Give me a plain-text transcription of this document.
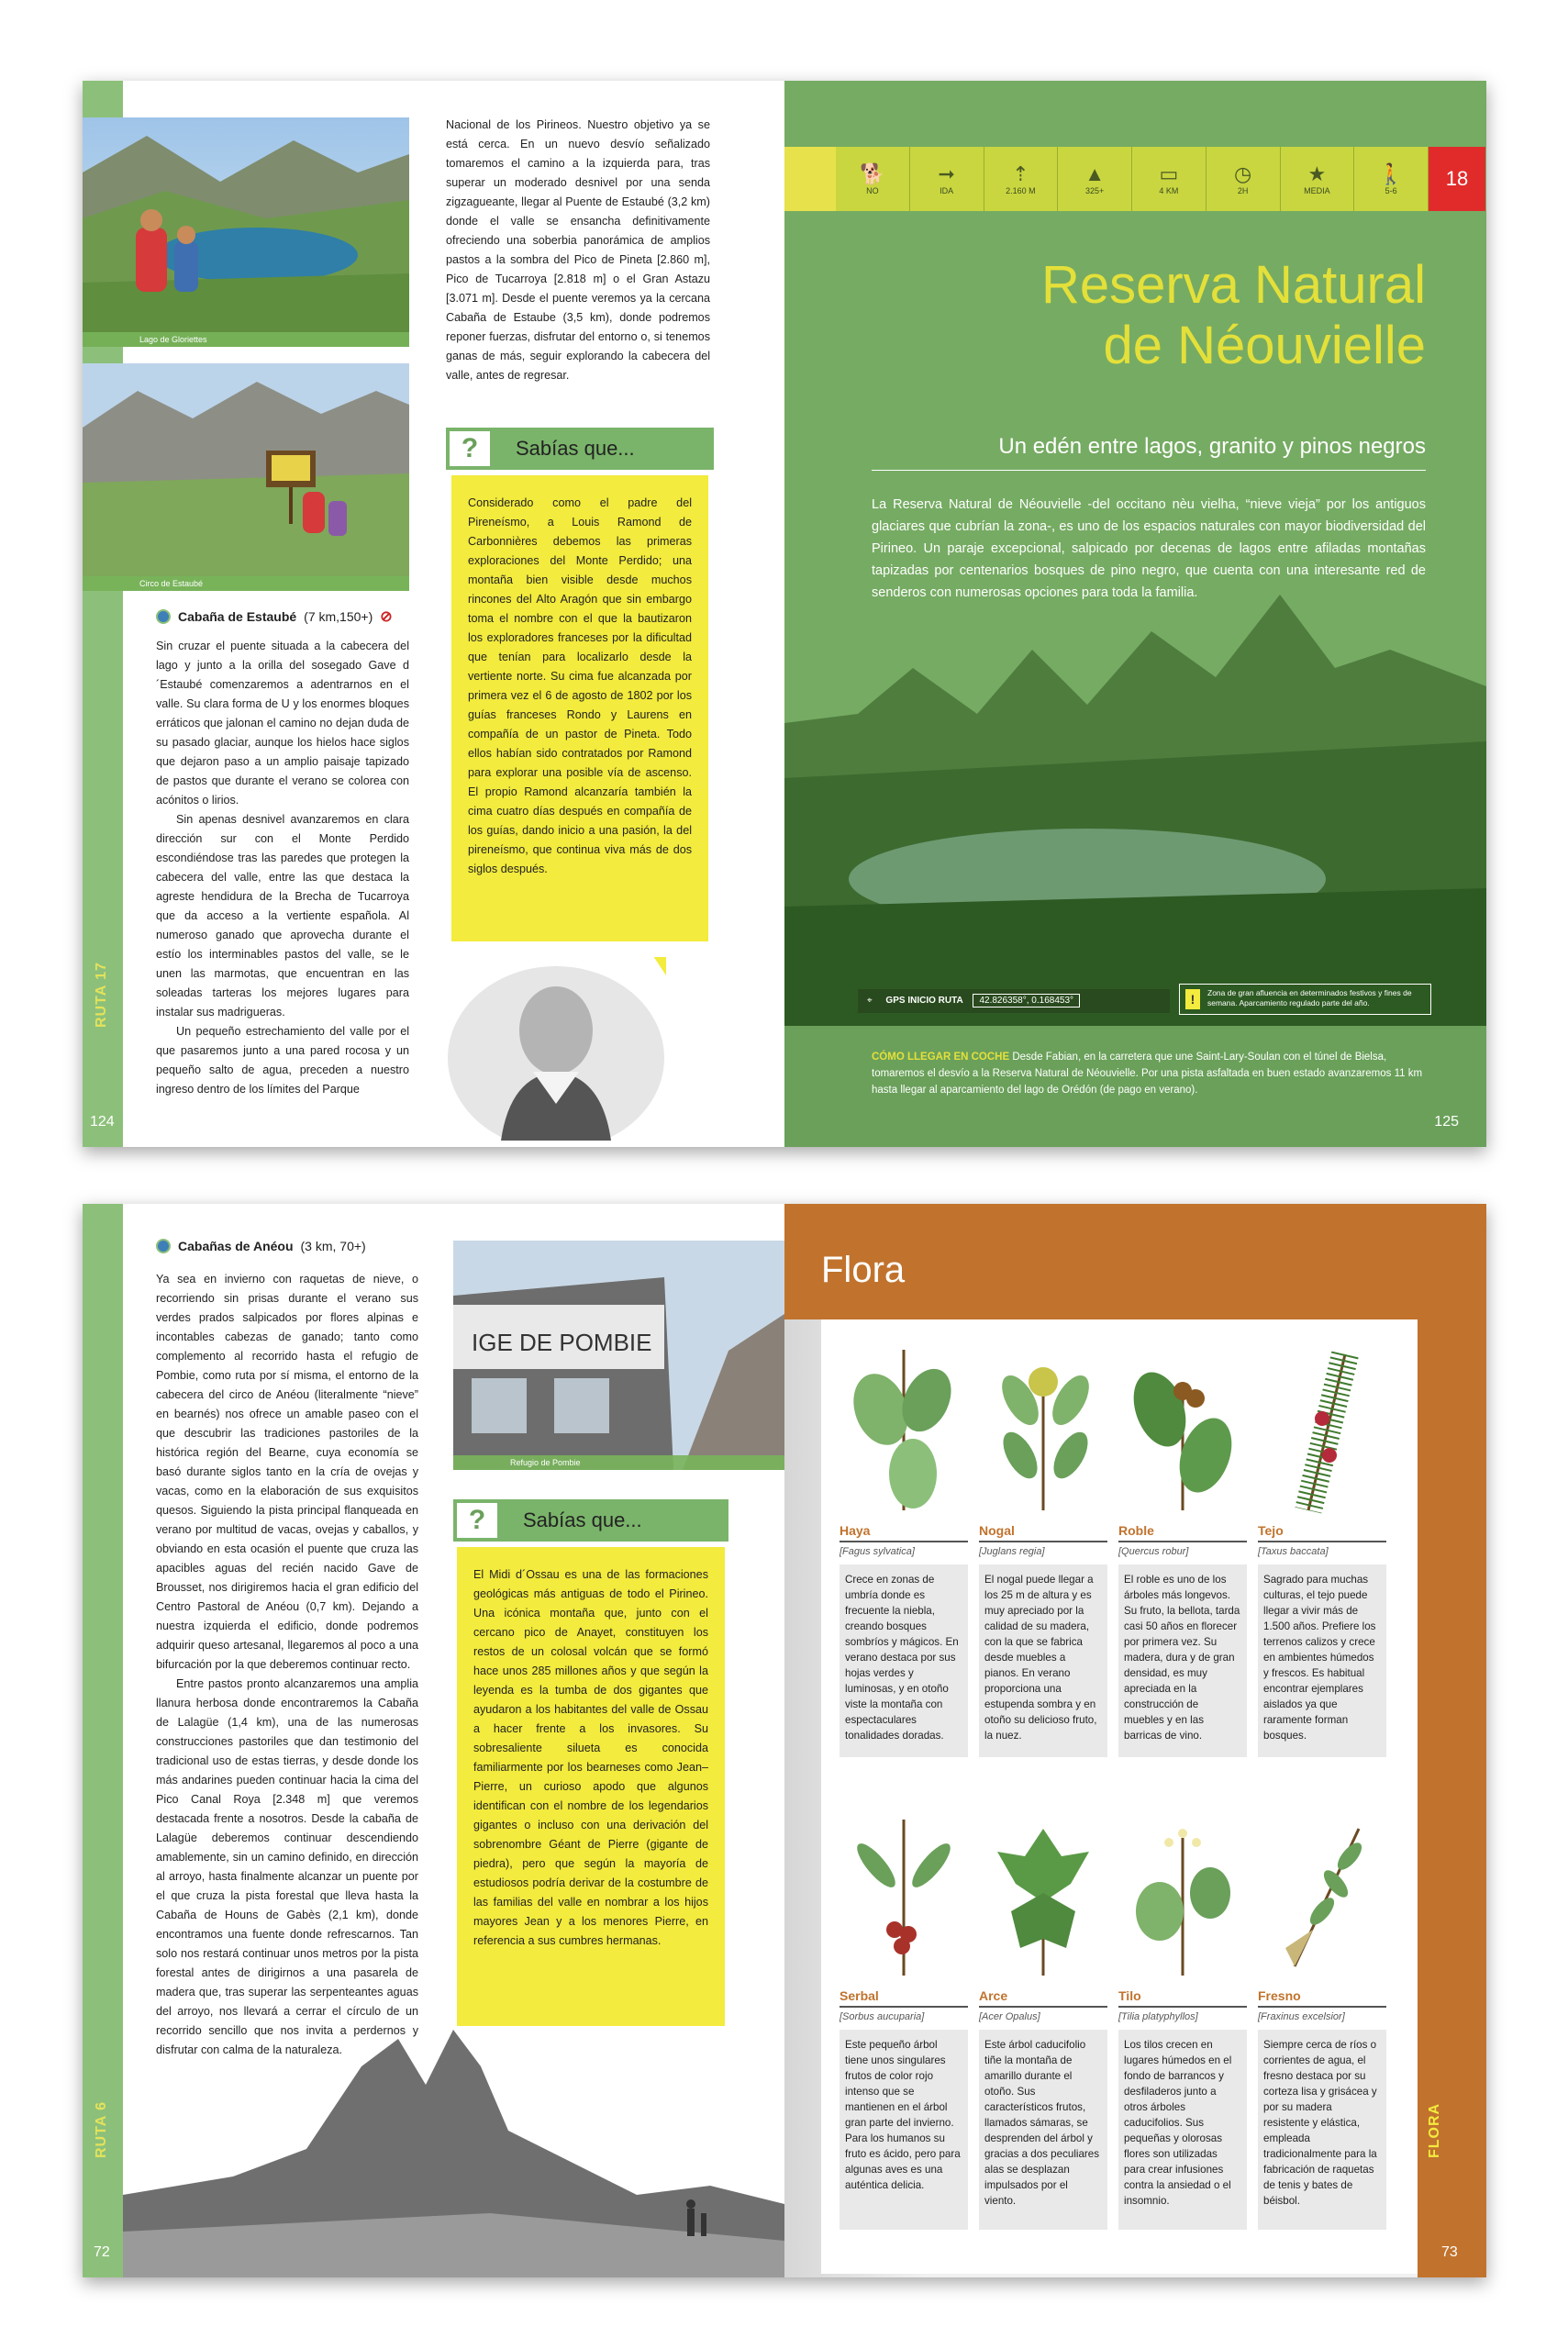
RUTA 17
124
Lago de Gloriettes
Circo de Estaubé
Cabaña de Estaubé (7 km,150+) ⊘

Sin cruzar el puente situada a la cabecera del lago y junto a la orilla del sosegado Gave d´Estaubé comenzaremos a adentrarnos en el valle. Su clara forma de U y los enormes bloques erráticos que jalonan el camino no dejan duda de su pasado glaciar, aunque los hielos hace siglos que dejaron paso a un amplio paisaje tapizado de pastos que durante el verano se colorea con acónitos o lirios.

Sin apenas desnivel avanzaremos en clara dirección sur con el Monte Perdido escondiéndose tras las paredes que protegen la cabecera del valle, entre las que destaca la agreste hendidura de la Brecha de Tucarroya que da acceso a la vertiente española. Al numeroso ganado que aprovecha durante el estío los interminables pastos del valle, se le unen las marmotas, que encuentran en las soleadas tarteras los mejores lugares para instalar sus madrigueras.

Un pequeño estrechamiento del valle por el que pasaremos junto a una pared rocosa y un pequeño salto de agua, preceden a nuestro ingreso dentro de los límites del Parque

Nacional de los Pirineos. Nuestro objetivo ya se está cerca. En un nuevo desvío señalizado tomaremos el camino a la izquierda para, tras superar un moderado desnivel por una senda zigzagueante, llegar al Puente de Estaubé (3,2 km) donde el valle se ensancha definitivamente ofreciendo una soberbia panorámica de amplios pastos a la sombra del Pico de Pineta [2.860 m], Pico de Tucarroya [2.818 m] o el Gran Astazu [3.071 m]. Desde el puente veremos ya la cercana Cabaña de Estaube (3,5 km), donde podremos reponer fuerzas, disfrutar del entorno o, si tenemos ganas de más, seguir explorando la cabecera del valle, antes de regresar.

Sabías que...
?
Considerado como el padre del Pireneísmo, a Louis Ramond de Carbonnières debemos las primeras exploraciones del Monte Perdido; una montaña bien visible desde muchos rincones del Alto Aragón que sin embargo toma el nombre con el que la bautizaron los exploradores franceses por la dificultad que tenían para localizarlo desde la vertiente norte. Su cima fue alcanzada por primera vez el 6 de agosto de 1802 por los guías franceses Rondo y Laurens en compañía de un pastor de Pineta. Todo ellos habían sido contratados por Ramond para explorar una posible vía de ascenso. El propio Ramond alcanzaría también la cima cuatro días después en compañía de los guías, dando inicio a una pasión, la del pireneísmo, que continua viva más de dos siglos después.
🐕
NO
➞
IDA
⇡
2.160 M
▲
325+
▭
4 KM
◷
2H
★
MEDIA
🚶
5-6
18
Reserva Natural
de Néouvielle
Un edén entre lagos, granito y pinos negros
La Reserva Natural de Néouvielle -del occitano nèu vielha, “nieve vieja” por los antiguos glaciares que cubrían la zona-, es uno de los espacios naturales con mayor biodiversidad del Pirineo. Un paraje excepcional, salpicado por decenas de lagos entre afiladas montañas tapizadas por centenarios bosques de pino negro, que cuenta con una interesante red de senderos con numerosas opciones para toda la familia.
⌖ GPS INICIO RUTA 42.826358°, 0.168453°	!	Zona de gran afluencia en determinados festivos y fines de semana. Aparcamiento regulado parte del año.
CÓMO LLEGAR EN COCHE Desde Fabian, en la carretera que une Saint-Lary-Soulan con el túnel de Bielsa, tomaremos el desvío a la Reserva Natural de Néouvielle. Por una pista asfaltada en buen estado avanzaremos 11 km hasta llegar al aparcamiento del lago de Orédón (de pago en verano).
125
RUTA 6
72
Cabañas de Anéou (3 km, 70+)

Ya sea en invierno con raquetas de nieve, o recorriendo sin prisas durante el verano sus verdes prados salpicados por flores alpinas e incontables cabezas de ganado; tanto como complemento al recorrido hasta el refugio de Pombie, como ruta por sí misma, el entorno de la cabecera del circo de Anéou (literalmente “nieve” en bearnés) nos ofrece un amable paseo con el que descubrir las tradiciones pastoriles de la histórica región del Bearne, cuya economía se basó durante siglos tanto en la cría de ovejas y vacas, como en la elaboración de sus exquisitos quesos. Siguiendo la pista principal flanqueada en verano por multitud de vacas, ovejas y caballos, y obviando en esta ocasión el puente que cruza las apacibles aguas del recién nacido Gave de Brousset, nos dirigiremos hacia el gran edificio del Centro Pastoral de Anéou (0,7 km). Dejando a nuestra izquierda el edificio, donde podremos adquirir queso artesanal, llegaremos al poco a una bifurcación por la que deberemos continuar recto.

Entre pastos pronto alcanzaremos una amplia llanura herbosa donde encontraremos la Cabaña de Lalagüe (1,4 km), una de las numerosas construcciones pastoriles que dan testimonio del tradicional uso de estas tierras, y desde donde los más andarines pueden continuar hacia la cima del Pico Canal Roya [2.348 m] que veremos destacada frente a nosotros. Desde la cabaña de Lalagüe deberemos continuar descendiendo amablemente, sin un camino definido, en dirección al arroyo, hasta finalmente alcanzar un puente por el que cruza la pista forestal que lleva hasta la Cabaña de Houns de Gabès (2,1 km), donde encontramos una fuente donde refrescarnos. Tan solo nos restará continuar unos metros por la pista forestal antes de dirigirnos a una pasarela de madera que, tras superar las serpenteantes aguas del arroyo, nos llevará a cerrar el círculo de un recorrido sencillo que nos invita a perdernos y disfrutar con calma de la naturaleza.

IGE DE POMBIE
Refugio de Pombie
Sabías que...
?
El Midi d´Ossau es una de las formaciones geológicas más antiguas de todo el Pirineo. Una icónica montaña que, junto con el cercano pico de Anayet, constituyen los restos de un colosal volcán que se formó hace unos 285 millones años y que según la leyenda es la tumba de dos gigantes que ayudaron a los habitantes del valle de Ossau a hacer frente a los invasores. Su sobresaliente silueta es conocida familiarmente por los bearneses como Jean–Pierre, un curioso apodo que algunos identifican con el nombre de los legendarios gigantes o incluso con una derivación del sobrenombre Géant de Pierre (gigante de piedra), pero que según la mayoría de estudiosos podría derivar de la costumbre de las familias del valle en nombrar a los hijos mayores Jean y a los menores Pierre, en referencia a sus cumbres hermanas.
Flora
FLORA
73
Haya
[Fagus sylvatica]
Crece en zonas de umbría donde es frecuente la niebla, creando bosques sombríos y mágicos. En verano destaca por sus hojas verdes y luminosas, y en otoño viste la montaña con espectaculares tonalidades doradas.
Nogal
[Juglans regia]
El nogal puede llegar a los 25 m de altura y es muy apreciado por la calidad de su madera, con la que se fabrica desde muebles a pianos. En verano proporciona una estupenda sombra y en otoño su delicioso fruto, la nuez.
Roble
[Quercus robur]
El roble es uno de los árboles más longevos. Su fruto, la bellota, tarda casi 50 años en florecer por primera vez. Su madera, dura y de gran densidad, es muy apreciada en la construcción de muebles y en las barricas de vino.
Tejo
[Taxus baccata]
Sagrado para muchas culturas, el tejo puede llegar a vivir más de 1.500 años. Prefiere los terrenos calizos y crece en ambientes húmedos y frescos. Es habitual encontrar ejemplares aislados ya que raramente forman bosques.
Serbal
[Sorbus aucuparia]
Este pequeño árbol tiene unos singulares frutos de color rojo intenso que se mantienen en el árbol gran parte del invierno. Para los humanos su fruto es ácido, pero para algunas aves es una auténtica delicia.
Arce
[Acer Opalus]
Este árbol caducifolio tiñe la montaña de amarillo durante el otoño. Sus característicos frutos, llamados sámaras, se desprenden del árbol y gracias a dos peculiares alas se desplazan impulsados por el viento.
Tilo
[Tilia platyphyllos]
Los tilos crecen en lugares húmedos en el fondo de barrancos y desfiladeros junto a otros árboles caducifolios. Sus pequeñas y olorosas flores son utilizadas para crear infusiones contra la ansiedad o el insomnio.
Fresno
[Fraxinus excelsior]
Siempre cerca de ríos o corrientes de agua, el fresno destaca por su corteza lisa y grisácea y por su madera resistente y elástica, empleada tradicionalmente para la fabricación de raquetas de tenis y bates de béisbol.
